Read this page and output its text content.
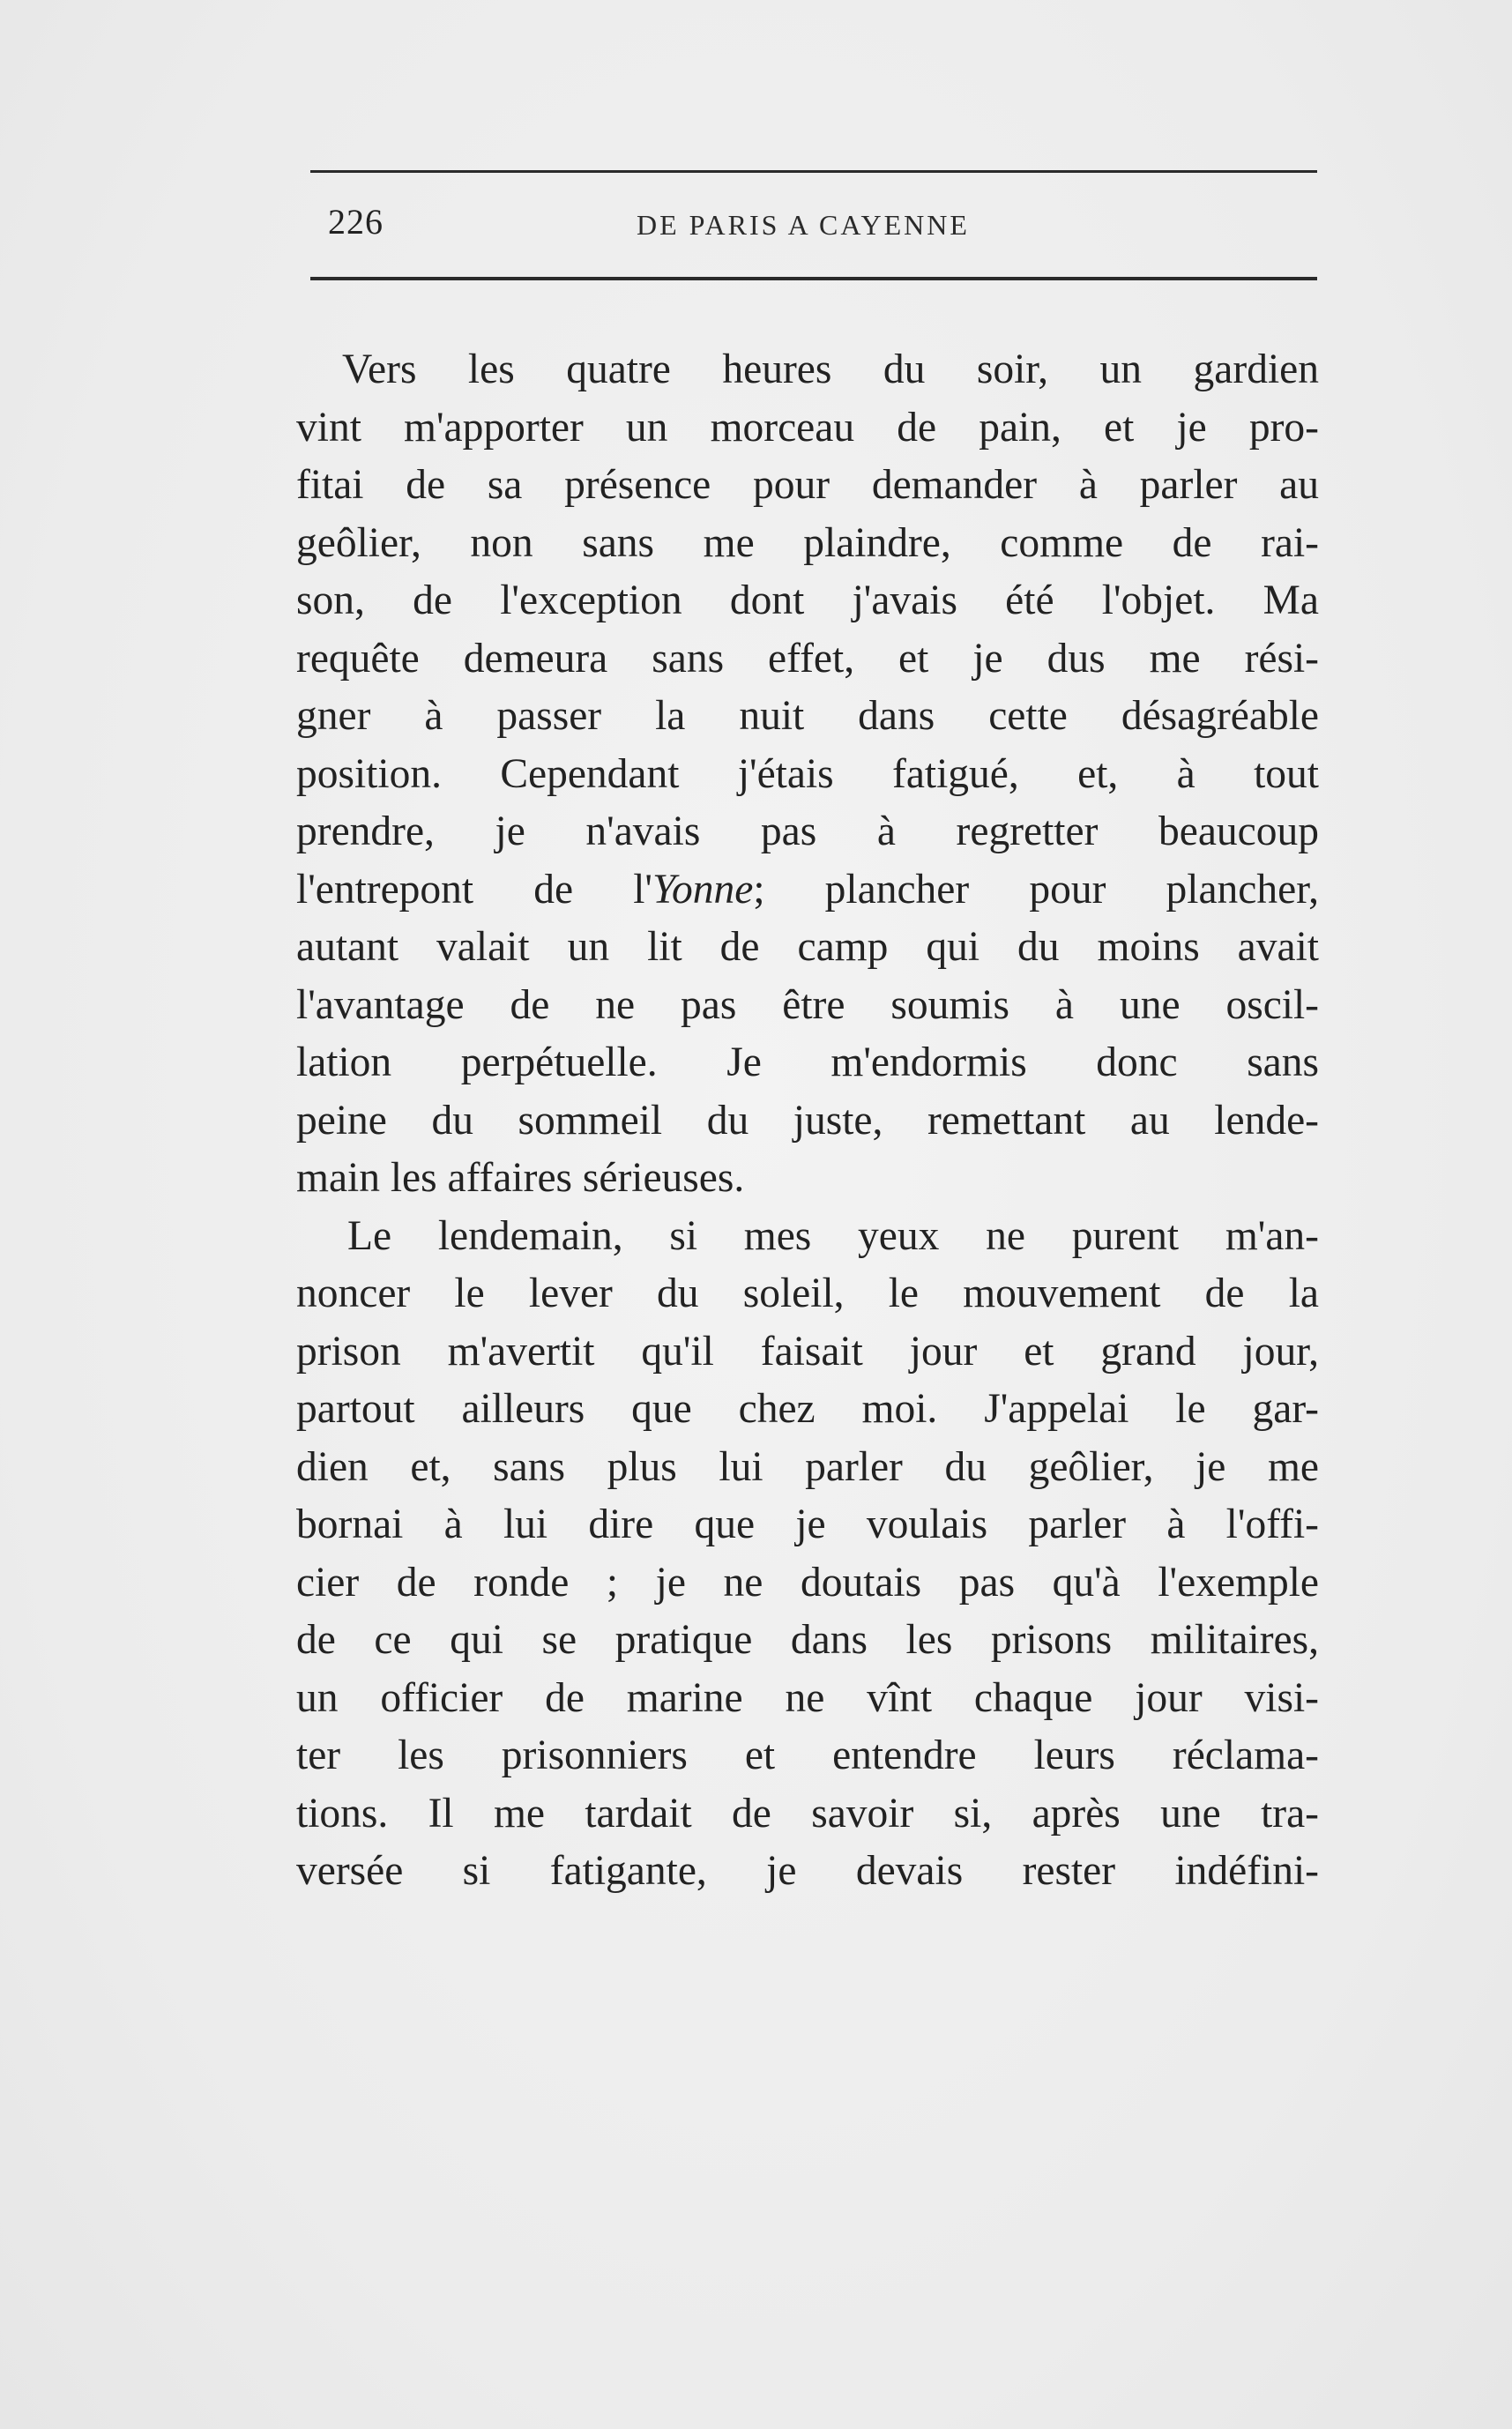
226	DE PARIS A CAYENNE
Vers les quatre heures du soir, un gardien
vint m'apporter un morceau de pain, et je pro-
fitai de sa présence pour demander à parler au
geôlier, non sans me plaindre, comme de rai-
son, de l'exception dont j'avais été l'objet. Ma
requête demeura sans effet, et je dus me rési-
gner à passer la nuit dans cette désagréable
position. Cependant j'étais fatigué, et, à tout
prendre, je n'avais pas à regretter beaucoup
l'entrepont de l'Yonne; plancher pour plancher,
autant valait un lit de camp qui du moins avait
l'avantage de ne pas être soumis à une oscil-
lation perpétuelle. Je m'endormis donc sans
peine du sommeil du juste, remettant au lende-
main les affaires sérieuses.
Le lendemain, si mes yeux ne purent m'an-
noncer le lever du soleil, le mouvement de la
prison m'avertit qu'il faisait jour et grand jour,
partout ailleurs que chez moi. J'appelai le gar-
dien et, sans plus lui parler du geôlier, je me
bornai à lui dire que je voulais parler à l'offi-
cier de ronde ; je ne doutais pas qu'à l'exemple
de ce qui se pratique dans les prisons militaires,
un officier de marine ne vînt chaque jour visi-
ter les prisonniers et entendre leurs réclama-
tions. Il me tardait de savoir si, après une tra-
versée si fatigante, je devais rester indéfini-
